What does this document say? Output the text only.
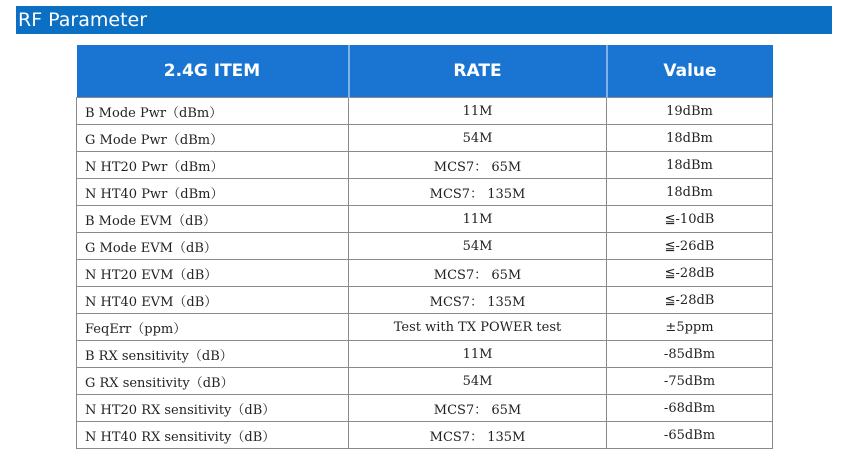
RF Parameter
2.4G ITEM	RATE	Value
B Mode Pwr（dBm）	11M	19dBm
G Mode Pwr（dBm）	54M	18dBm
N HT20 Pwr（dBm）	MCS7： 65M	18dBm
N HT40 Pwr（dBm）	MCS7： 135M	18dBm
B Mode EVM（dB）	11M	≦-10dB
G Mode EVM（dB）	54M	≦-26dB
N HT20 EVM（dB）	MCS7： 65M	≦-28dB
N HT40 EVM（dB）	MCS7： 135M	≦-28dB
FeqErr（ppm）	Test with TX POWER test	±5ppm
B RX sensitivity（dB）	11M	-85dBm
G RX sensitivity（dB）	54M	-75dBm
N HT20 RX sensitivity（dB）	MCS7： 65M	-68dBm
N HT40 RX sensitivity（dB）	MCS7： 135M	-65dBm
